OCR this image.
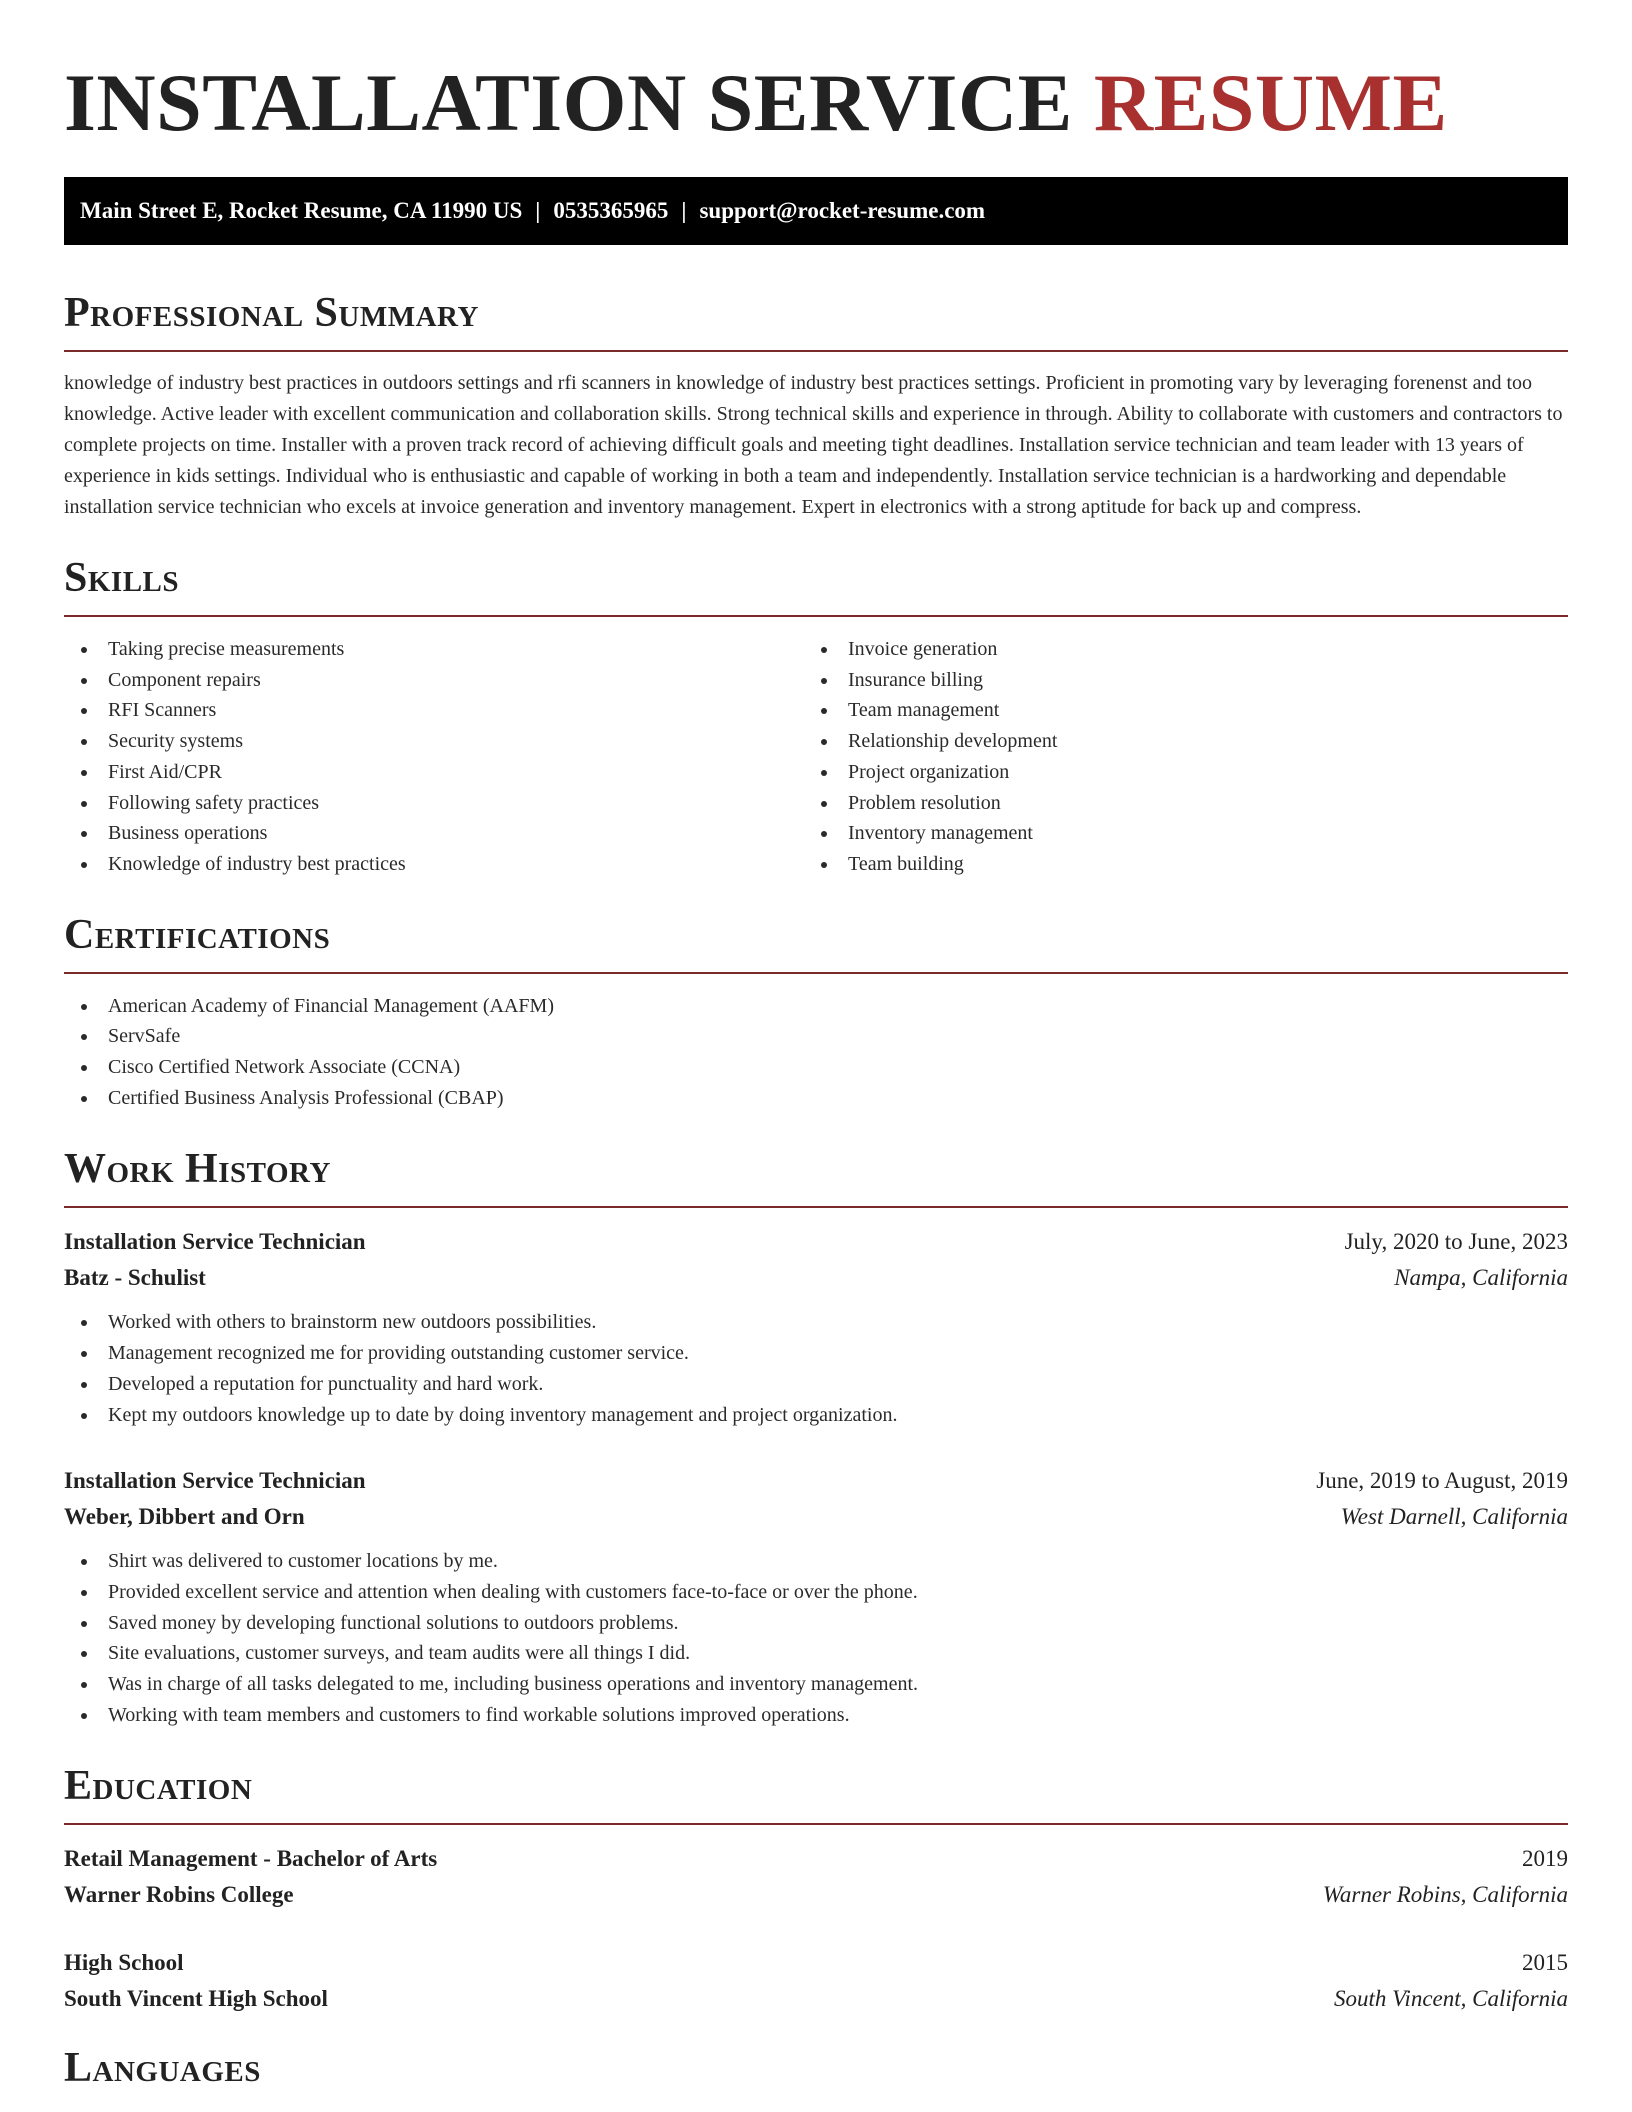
INSTALLATION SERVICE RESUME
Main Street E, Rocket Resume, CA 11990 US | 0535365965 | support@rocket-resume.com
Professional Summary

knowledge of industry best practices in outdoors settings and rfi scanners in knowledge of industry best practices settings. Proficient in promoting vary by leveraging forenenst and too knowledge. Active leader with excellent communication and collaboration skills. Strong technical skills and experience in through. Ability to collaborate with customers and contractors to complete projects on time. Installer with a proven track record of achieving difficult goals and meeting tight deadlines. Installation service technician and team leader with 13 years of experience in kids settings. Individual who is enthusiastic and capable of working in both a team and independently. Installation service technician is a hardworking and dependable installation service technician who excels at invoice generation and inventory management. Expert in electronics with a strong aptitude for back up and compress.

Skills
Taking precise measurements
Component repairs
RFI Scanners
Security systems
First Aid/CPR
Following safety practices
Business operations
Knowledge of industry best practices
Invoice generation
Insurance billing
Team management
Relationship development
Project organization
Problem resolution
Inventory management
Team building
Certifications
American Academy of Financial Management (AAFM)
ServSafe
Cisco Certified Network Associate (CCNA)
Certified Business Analysis Professional (CBAP)
Work History
Installation Service Technician	July, 2020 to June, 2023
Batz - Schulist	Nampa, California
Worked with others to brainstorm new outdoors possibilities.
Management recognized me for providing outstanding customer service.
Developed a reputation for punctuality and hard work.
Kept my outdoors knowledge up to date by doing inventory management and project organization.
Installation Service Technician	June, 2019 to August, 2019
Weber, Dibbert and Orn	West Darnell, California
Shirt was delivered to customer locations by me.
Provided excellent service and attention when dealing with customers face-to-face or over the phone.
Saved money by developing functional solutions to outdoors problems.
Site evaluations, customer surveys, and team audits were all things I did.
Was in charge of all tasks delegated to me, including business operations and inventory management.
Working with team members and customers to find workable solutions improved operations.
Education
Retail Management - Bachelor of Arts	2019
Warner Robins College	Warner Robins, California
High School	2015
South Vincent High School	South Vincent, California
Languages
